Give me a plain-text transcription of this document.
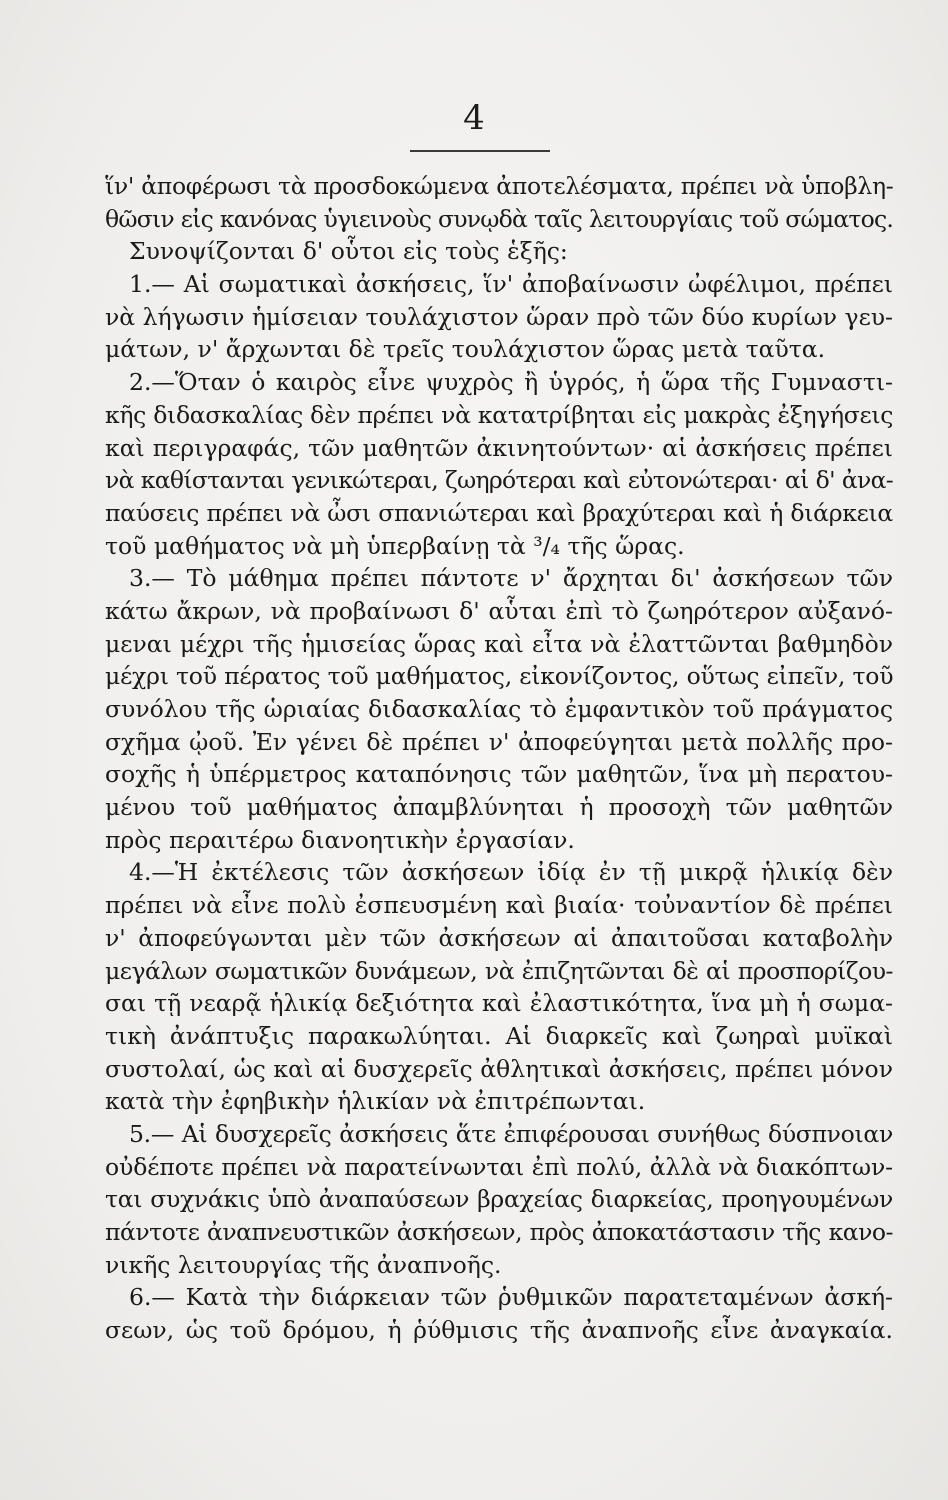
4
ἵν' ἀποφέρωσι τὰ προσδοκώμενα ἀποτελέσματα, πρέπει νὰ ὑποβλη-
θῶσιν εἰς κανόνας ὑγιεινοὺς συνῳδὰ ταῖς λειτουργίαις τοῦ σώματος.
Συνοψίζονται δ' οὗτοι εἰς τοὺς ἑξῆς:
1.— Αἱ σωματικαὶ ἀσκήσεις, ἵν' ἀποβαίνωσιν ὠφέλιμοι, πρέπει
νὰ λήγωσιν ἡμίσειαν τουλάχιστον ὥραν πρὸ τῶν δύο κυρίων γευ-
μάτων, ν' ἄρχωνται δὲ τρεῖς τουλάχιστον ὥρας μετὰ ταῦτα.
2.—Ὅταν ὁ καιρὸς εἶνε ψυχρὸς ἢ ὑγρός, ἡ ὥρα τῆς Γυμναστι-
κῆς διδασκαλίας δὲν πρέπει νὰ κατατρίβηται εἰς μακρὰς ἐξηγήσεις
καὶ περιγραφάς, τῶν μαθητῶν ἀκινητούντων· αἱ ἀσκήσεις πρέπει
νὰ καθίστανται γενικώτεραι, ζωηρότεραι καὶ εὐτονώτεραι· αἱ δ' ἀνα-
παύσεις πρέπει νὰ ὦσι σπανιώτεραι καὶ βραχύτεραι καὶ ἡ διάρκεια
τοῦ μαθήματος νὰ μὴ ὑπερβαίνῃ τὰ ³/₄ τῆς ὥρας.
3.— Τὸ μάθημα πρέπει πάντοτε ν' ἄρχηται δι' ἀσκήσεων τῶν
κάτω ἄκρων, νὰ προβαίνωσι δ' αὗται ἐπὶ τὸ ζωηρότερον αὐξανό-
μεναι μέχρι τῆς ἡμισείας ὥρας καὶ εἶτα νὰ ἐλαττῶνται βαθμηδὸν
μέχρι τοῦ πέρατος τοῦ μαθήματος, εἰκονίζοντος, οὕτως εἰπεῖν, τοῦ
συνόλου τῆς ὡριαίας διδασκαλίας τὸ ἐμφαντικὸν τοῦ πράγματος
σχῆμα ᾠοῦ. Ἐν γένει δὲ πρέπει ν' ἀποφεύγηται μετὰ πολλῆς προ-
σοχῆς ἡ ὑπέρμετρος καταπόνησις τῶν μαθητῶν, ἵνα μὴ περατου-
μένου τοῦ μαθήματος ἀπαμβλύνηται ἡ προσοχὴ τῶν μαθητῶν
πρὸς περαιτέρω διανοητικὴν ἐργασίαν.
4.—Ἡ ἐκτέλεσις τῶν ἀσκήσεων ἰδίᾳ ἐν τῇ μικρᾷ ἡλικίᾳ δὲν
πρέπει νὰ εἶνε πολὺ ἐσπευσμένη καὶ βιαία· τοὐναντίον δὲ πρέπει
ν' ἀποφεύγωνται μὲν τῶν ἀσκήσεων αἱ ἀπαιτοῦσαι καταβολὴν
μεγάλων σωματικῶν δυνάμεων, νὰ ἐπιζητῶνται δὲ αἱ προσπορίζου-
σαι τῇ νεαρᾷ ἡλικίᾳ δεξιότητα καὶ ἐλαστικότητα, ἵνα μὴ ἡ σωμα-
τικὴ ἀνάπτυξις παρακωλύηται. Αἱ διαρκεῖς καὶ ζωηραὶ μυϊκαὶ
συστολαί, ὡς καὶ αἱ δυσχερεῖς ἀθλητικαὶ ἀσκήσεις, πρέπει μόνον
κατὰ τὴν ἐφηβικὴν ἡλικίαν νὰ ἐπιτρέπωνται.
5.— Αἱ δυσχερεῖς ἀσκήσεις ἅτε ἐπιφέρουσαι συνήθως δύσπνοιαν
οὐδέποτε πρέπει νὰ παρατείνωνται ἐπὶ πολύ, ἀλλὰ νὰ διακόπτων-
ται συχνάκις ὑπὸ ἀναπαύσεων βραχείας διαρκείας, προηγουμένων
πάντοτε ἀναπνευστικῶν ἀσκήσεων, πρὸς ἀποκατάστασιν τῆς κανο-
νικῆς λειτουργίας τῆς ἀναπνοῆς.
6.— Κατὰ τὴν διάρκειαν τῶν ῥυθμικῶν παρατεταμένων ἀσκή-
σεων, ὡς τοῦ δρόμου, ἡ ῥύθμισις τῆς ἀναπνοῆς εἶνε ἀναγκαία.
